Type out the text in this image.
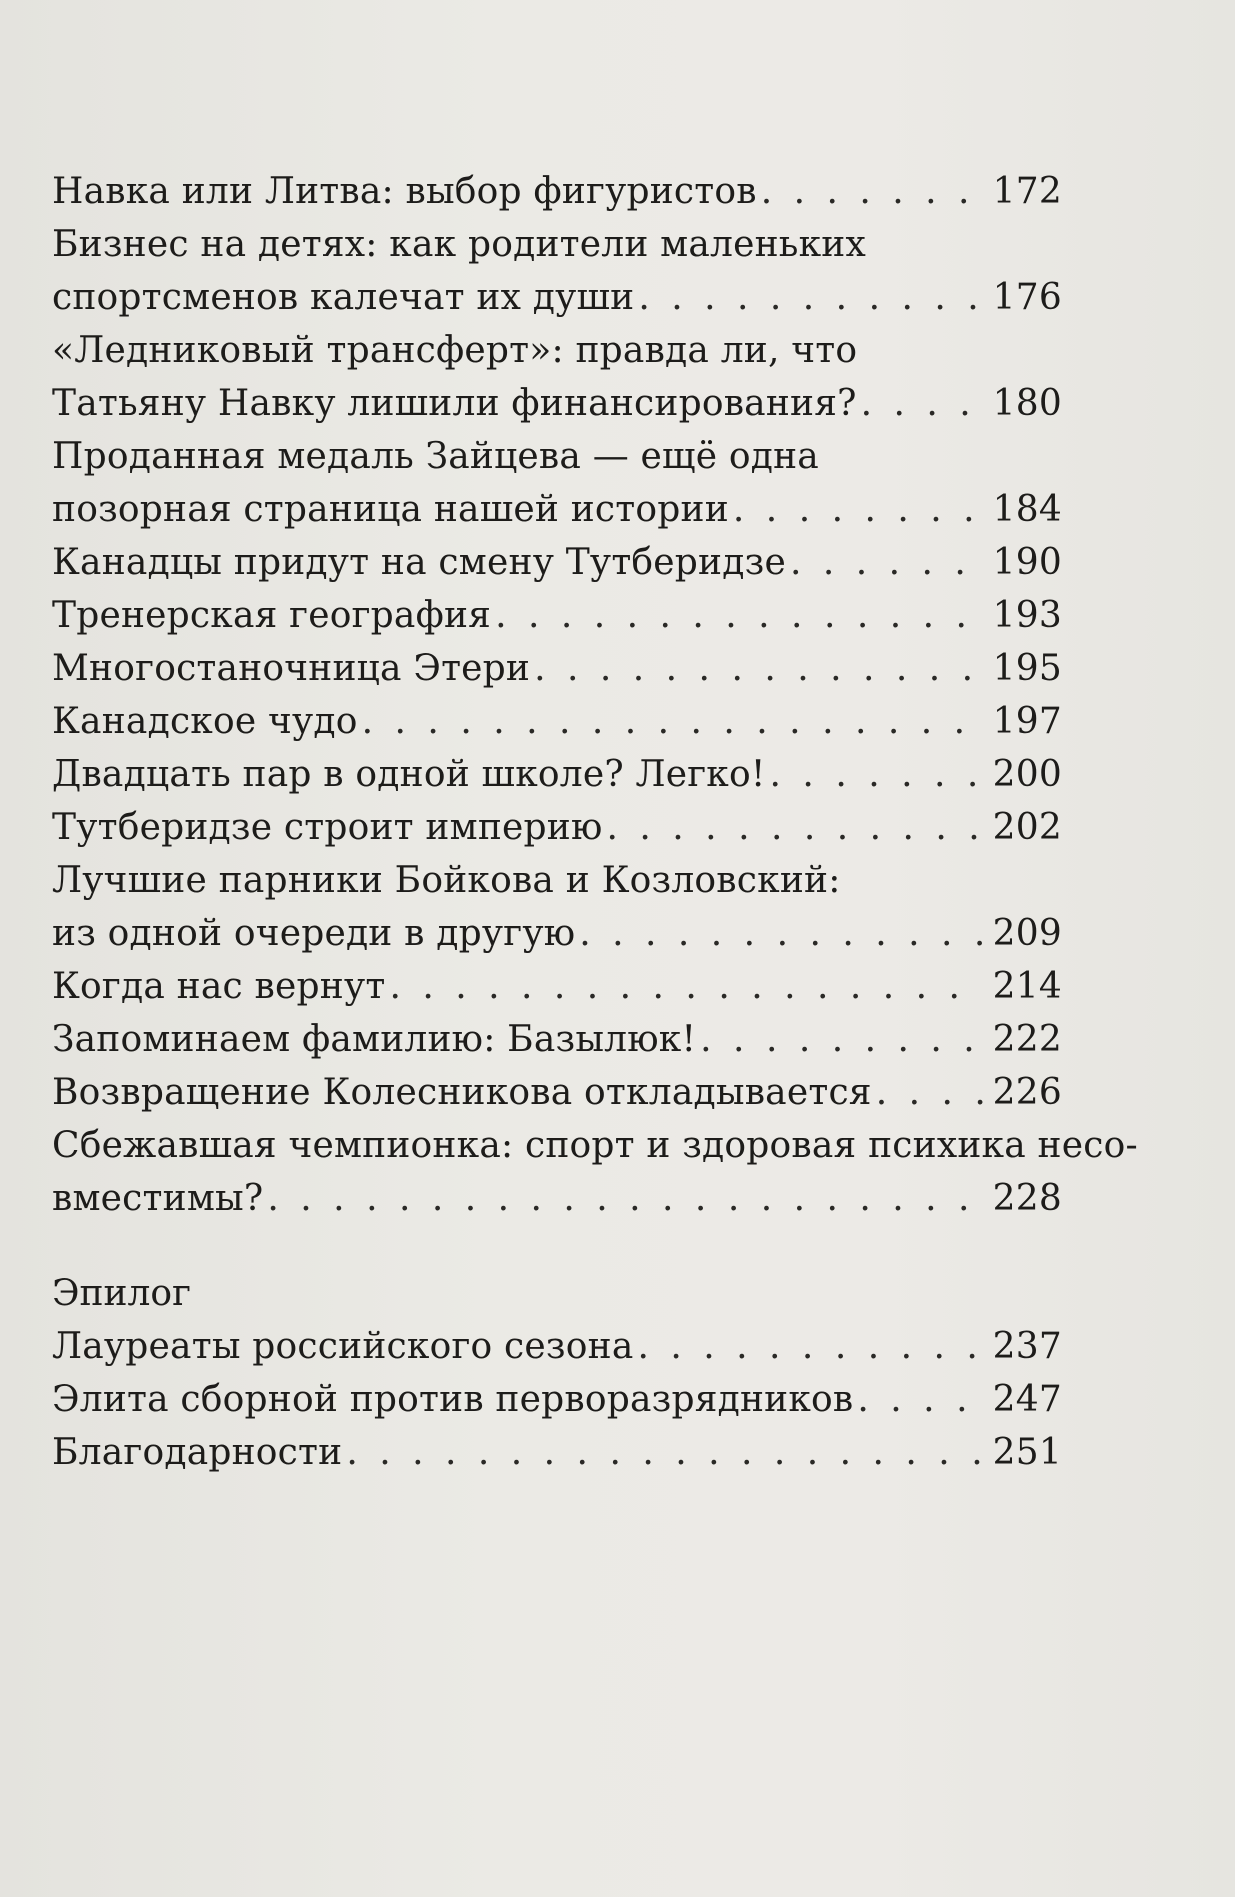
Навка или Литва: выбор фигуристов . . .	172
Бизнес на детях: как родители маленьких
спортсменов калечат их души . . .	176
«Ледниковый трансферт»: правда ли, что
Татьяну Навку лишили финансирования? . . .	180
Проданная медаль Зайцева — ещё одна
позорная страница нашей истории . . .	184
Канадцы придут на смену Тутберидзе . . .	190
Тренерская география . . .	193
Многостаночница Этери . . .	195
Канадское чудо . . .	197
Двадцать пар в одной школе? Легко! . . .	200
Тутберидзе строит империю . . .	202
Лучшие парники Бойкова и Козловский:
из одной очереди в другую . . .	209
Когда нас вернут . . .	214
Запоминаем фамилию: Базылюк! . . .	222
Возвращение Колесникова откладывается . . .	226
Сбежавшая чемпионка: спорт и здоровая психика несо-
вместимы? . . .	228
Эпилог
Лауреаты российского сезона . . .	237
Элита сборной против перворазрядников . . .	247
Благодарности . . .	251
